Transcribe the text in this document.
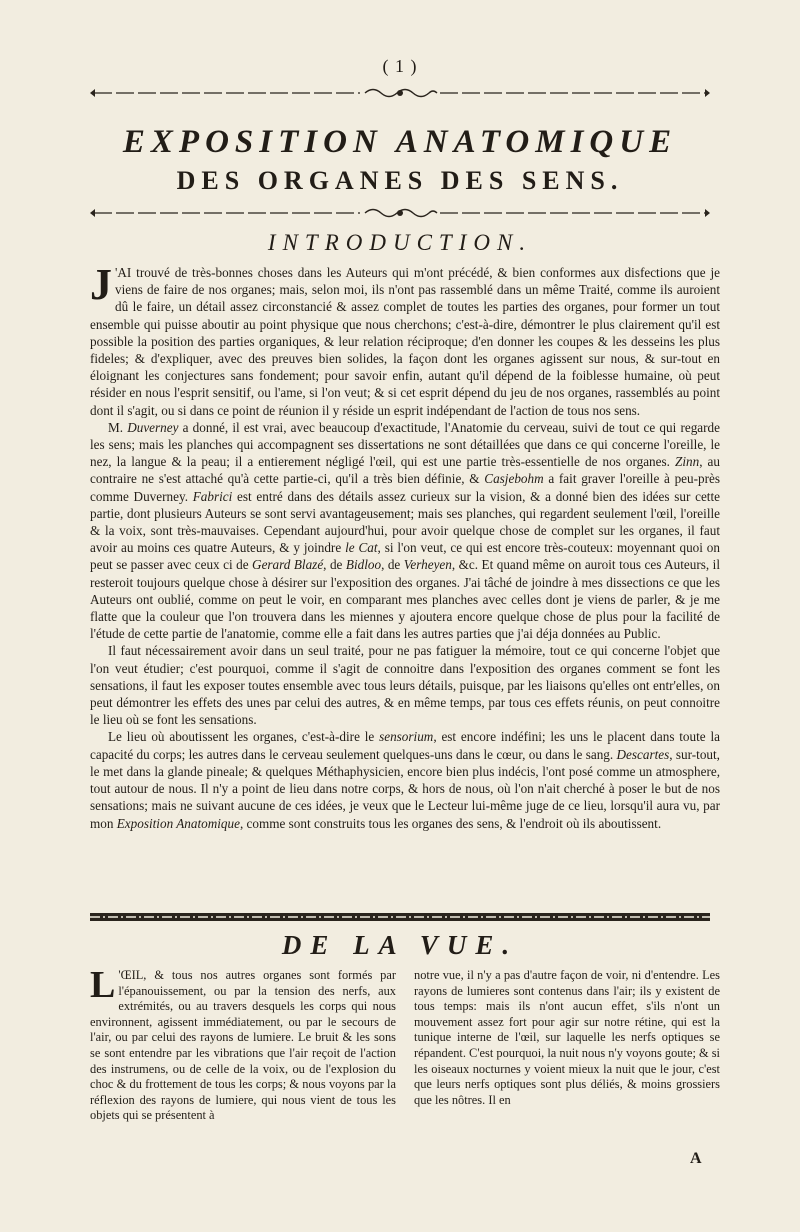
( 1 )
EXPOSITION ANATOMIQUE
DES ORGANES DES SENS.
INTRODUCTION.

J 'AI trouvé de très-bonnes choses dans les Auteurs qui m'ont précédé, & bien conformes aux disfections que je viens de faire de nos organes; mais, selon moi, ils n'ont pas rassemblé dans un même Traité, comme ils auroient dû le faire, un détail assez circonstancié & assez complet de toutes les parties des organes, pour former un tout ensemble qui puisse aboutir au point physique que nous cherchons; c'est-à-dire, démontrer le plus clairement qu'il est possible la position des parties organiques, & leur relation réciproque; d'en donner les coupes & les desseins les plus fideles; & d'expliquer, avec des preuves bien solides, la façon dont les organes agissent sur nous, & sur-tout en éloignant les conjectures sans fondement; pour savoir enfin, autant qu'il dépend de la foiblesse humaine, où peut résider en nous l'esprit sensitif, ou l'ame, si l'on veut; & si cet esprit dépend du jeu de nos organes, rassemblés au point dont il s'agit, ou si dans ce point de réunion il y réside un esprit indépendant de l'action de tous nos sens.

M. Duverney a donné, il est vrai, avec beaucoup d'exactitude, l'Anatomie du cerveau, suivi de tout ce qui regarde les sens; mais les planches qui accompagnent ses dissertations ne sont détaillées que dans ce qui concerne l'oreille, le nez, la langue & la peau; il a entierement négligé l'œil, qui est une partie très-essentielle de nos organes. Zinn, au contraire ne s'est attaché qu'à cette partie-ci, qu'il a très bien définie, & Casjebohm a fait graver l'oreille à peu-près comme Duverney. Fabrici est entré dans des détails assez curieux sur la vision, & a donné bien des idées sur cette partie, dont plusieurs Auteurs se sont servi avantageusement; mais ses planches, qui regardent seulement l'œil, l'oreille & la voix, sont très-mauvaises. Cependant aujourd'hui, pour avoir quelque chose de complet sur les organes, il faut avoir au moins ces quatre Auteurs, & y joindre le Cat, si l'on veut, ce qui est encore très-couteux: moyennant quoi on peut se passer avec ceux ci de Gerard Blazé, de Bidloo, de Verheyen, &c. Et quand même on auroit tous ces Auteurs, il resteroit toujours quelque chose à désirer sur l'exposition des organes. J'ai tâché de joindre à mes dissections ce que les Auteurs ont oublié, comme on peut le voir, en comparant mes planches avec celles dont je viens de parler, & je me flatte que la couleur que l'on trouvera dans les miennes y ajoutera encore quelque chose de plus pour la facilité de l'étude de cette partie de l'anatomie, comme elle a fait dans les autres parties que j'ai déja données au Public.

Il faut nécessairement avoir dans un seul traité, pour ne pas fatiguer la mémoire, tout ce qui concerne l'objet que l'on veut étudier; c'est pourquoi, comme il s'agit de connoitre dans l'exposition des organes comment se font les sensations, il faut les exposer toutes ensemble avec tous leurs détails, puisque, par les liaisons qu'elles ont entr'elles, on peut démontrer les effets des unes par celui des autres, & en même temps, par tous ces effets réunis, on peut connoitre le lieu où se font les sensations.

Le lieu où aboutissent les organes, c'est-à-dire le sensorium, est encore indéfini; les uns le placent dans toute la capacité du corps; les autres dans le cerveau seulement quelques-uns dans le cœur, ou dans le sang. Descartes, sur-tout, le met dans la glande pineale; & quelques Méthaphysicien, encore bien plus indécis, l'ont posé comme un atmosphere, tout autour de nous. Il n'y a point de lieu dans notre corps, & hors de nous, où l'on n'ait cherché à poser le but de nos sensations; mais ne suivant aucune de ces idées, je veux que le Lecteur lui-même juge de ce lieu, lorsqu'il aura vu, par mon Exposition Anatomique, comme sont construits tous les organes des sens, & l'endroit où ils aboutissent.

DE LA VUE.

L 'ŒIL, & tous nos autres organes sont formés par l'épanouissement, ou par la tension des nerfs, aux extrémités, ou au travers desquels les corps qui nous environnent, agissent immédiatement, ou par le secours de l'air, ou par celui des rayons de lumiere. Le bruit & les sons se sont entendre par les vibrations que l'air reçoit de l'action des instrumens, ou de celle de la voix, ou de l'explosion du choc & du frottement de tous les corps; & nous voyons par la réflexion des rayons de lumiere, qui nous vient de tous les objets qui se présentent à

notre vue, il n'y a pas d'autre façon de voir, ni d'entendre. Les rayons de lumieres sont contenus dans l'air; ils y existent de tous temps: mais ils n'ont aucun effet, s'ils n'ont un mouvement assez fort pour agir sur notre rétine, qui est la tunique interne de l'œil, sur laquelle les nerfs optiques se répandent. C'est pourquoi, la nuit nous n'y voyons goute; & si les oiseaux nocturnes y voient mieux la nuit que le jour, c'est que leurs nerfs optiques sont plus déliés, & moins grossiers que les nôtres. Il en

A
